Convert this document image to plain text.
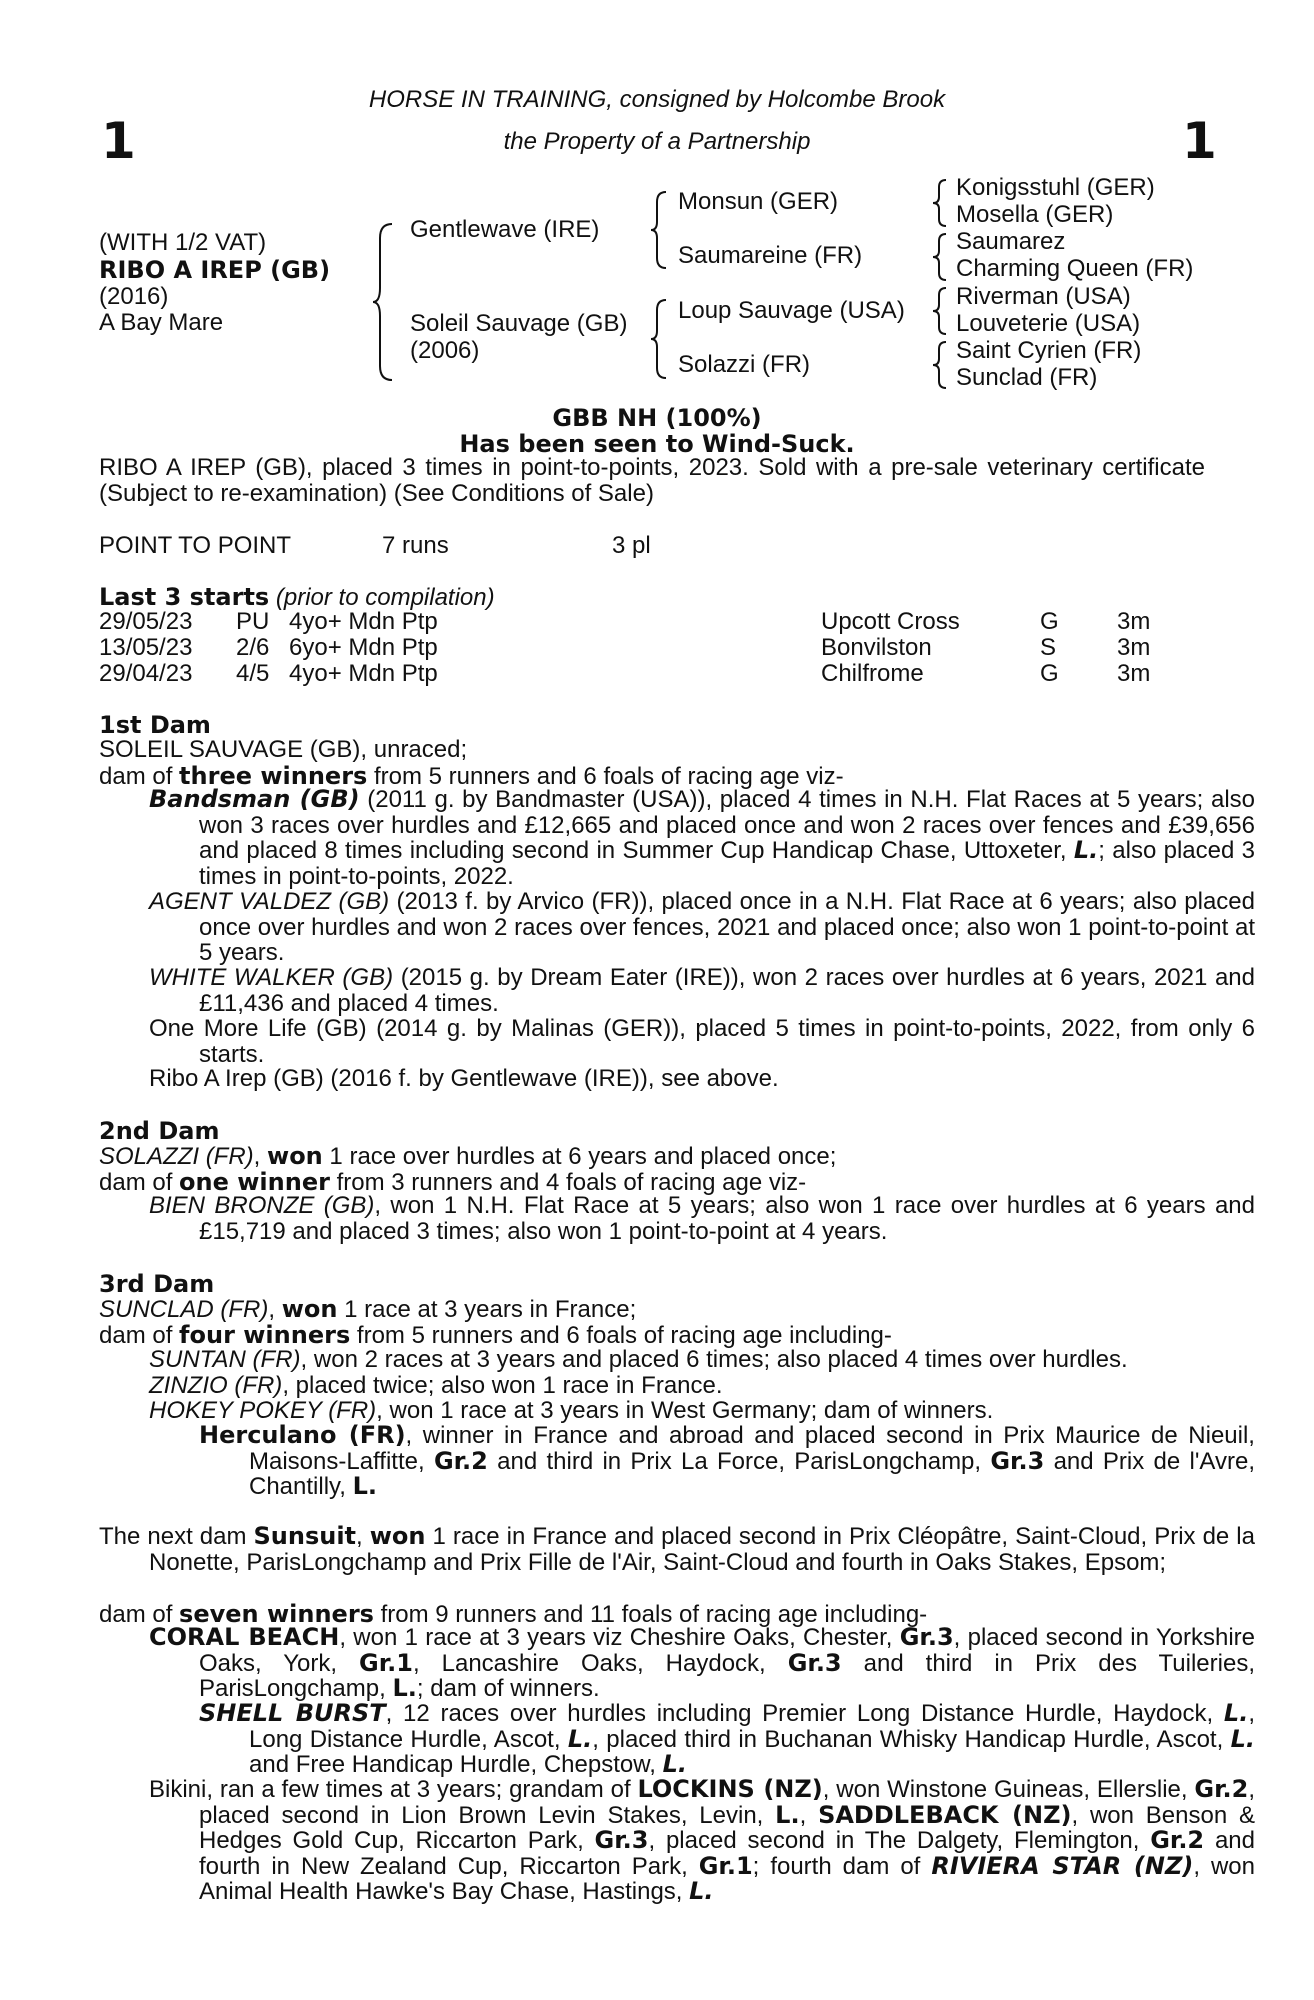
1	1
HORSE IN TRAINING, consigned by Holcombe Brook
the Property of a Partnership
(WITH 1/2 VAT)
RIBO A IREP (GB)
(2016)
A Bay Mare
Gentlewave (IRE)
Soleil Sauvage (GB)
(2006)
Monsun (GER)
Saumareine (FR)
Loup Sauvage (USA)
Solazzi (FR)
Konigsstuhl (GER)
Mosella (GER)
Saumarez
Charming Queen (FR)
Riverman (USA)
Louveterie (USA)
Saint Cyrien (FR)
Sunclad (FR)
GBB NH (100%)
Has been seen to Wind-Suck.
RIBO A IREP (GB), placed 3 times in point-to-points, 2023. Sold with a pre-sale veterinary certificate (Subject to re-examination) (See Conditions of Sale)
POINT TO POINT	7 runs	3 pl
Last 3 starts (prior to compilation)
29/05/23 PU 4yo+ Mdn Ptp	Upcott Cross	G 3m
13/05/23 2/6 6yo+ Mdn Ptp	Bonvilston	S	3m
29/04/23 4/5 4yo+ Mdn Ptp	Chilfrome	G 3m
1st Dam
SOLEIL SAUVAGE (GB), unraced;
dam of three winners from 5 runners and 6 foals of racing age viz-
Bandsman (GB) (2011 g. by Bandmaster (USA)), placed 4 times in N.H. Flat Races at 5 years; also won 3 races over hurdles and £12,665 and placed once and won 2 races over fences and £39,656 and placed 8 times including second in Summer Cup Handicap Chase, Uttoxeter, L.; also placed 3 times in point-to-points, 2022.
AGENT VALDEZ (GB) (2013 f. by Arvico (FR)), placed once in a N.H. Flat Race at 6 years; also placed once over hurdles and won 2 races over fences, 2021 and placed once; also won 1 point-to-point at 5 years.
WHITE WALKER (GB) (2015 g. by Dream Eater (IRE)), won 2 races over hurdles at 6 years, 2021 and £11,436 and placed 4 times.
One More Life (GB) (2014 g. by Malinas (GER)), placed 5 times in point-to-points, 2022, from only 6 starts.
Ribo A Irep (GB) (2016 f. by Gentlewave (IRE)), see above.
2nd Dam
SOLAZZI (FR), won 1 race over hurdles at 6 years and placed once;
dam of one winner from 3 runners and 4 foals of racing age viz-
BIEN BRONZE (GB), won 1 N.H. Flat Race at 5 years; also won 1 race over hurdles at 6 years and £15,719 and placed 3 times; also won 1 point-to-point at 4 years.
3rd Dam
SUNCLAD (FR), won 1 race at 3 years in France;
dam of four winners from 5 runners and 6 foals of racing age including-
SUNTAN (FR), won 2 races at 3 years and placed 6 times; also placed 4 times over hurdles.
ZINZIO (FR), placed twice; also won 1 race in France.
HOKEY POKEY (FR), won 1 race at 3 years in West Germany; dam of winners.
Herculano (FR), winner in France and abroad and placed second in Prix Maurice de Nieuil, Maisons-Laffitte, Gr.2 and third in Prix La Force, ParisLongchamp, Gr.3 and Prix de l'Avre, Chantilly, L.
The next dam Sunsuit, won 1 race in France and placed second in Prix Cléopâtre, Saint-Cloud, Prix de la Nonette, ParisLongchamp and Prix Fille de l'Air, Saint-Cloud and fourth in Oaks Stakes, Epsom;
dam of seven winners from 9 runners and 11 foals of racing age including-
CORAL BEACH, won 1 race at 3 years viz Cheshire Oaks, Chester, Gr.3, placed second in Yorkshire Oaks, York, Gr.1, Lancashire Oaks, Haydock, Gr.3 and third in Prix des Tuileries, ParisLongchamp, L.; dam of winners.
SHELL BURST, 12 races over hurdles including Premier Long Distance Hurdle, Haydock, L., Long Distance Hurdle, Ascot, L., placed third in Buchanan Whisky Handicap Hurdle, Ascot, L. and Free Handicap Hurdle, Chepstow, L.
Bikini, ran a few times at 3 years; grandam of LOCKINS (NZ), won Winstone Guineas, Ellerslie, Gr.2, placed second in Lion Brown Levin Stakes, Levin, L., SADDLEBACK (NZ), won Benson & Hedges Gold Cup, Riccarton Park, Gr.3, placed second in The Dalgety, Flemington, Gr.2 and fourth in New Zealand Cup, Riccarton Park, Gr.1; fourth dam of RIVIERA STAR (NZ), won Animal Health Hawke's Bay Chase, Hastings, L.
